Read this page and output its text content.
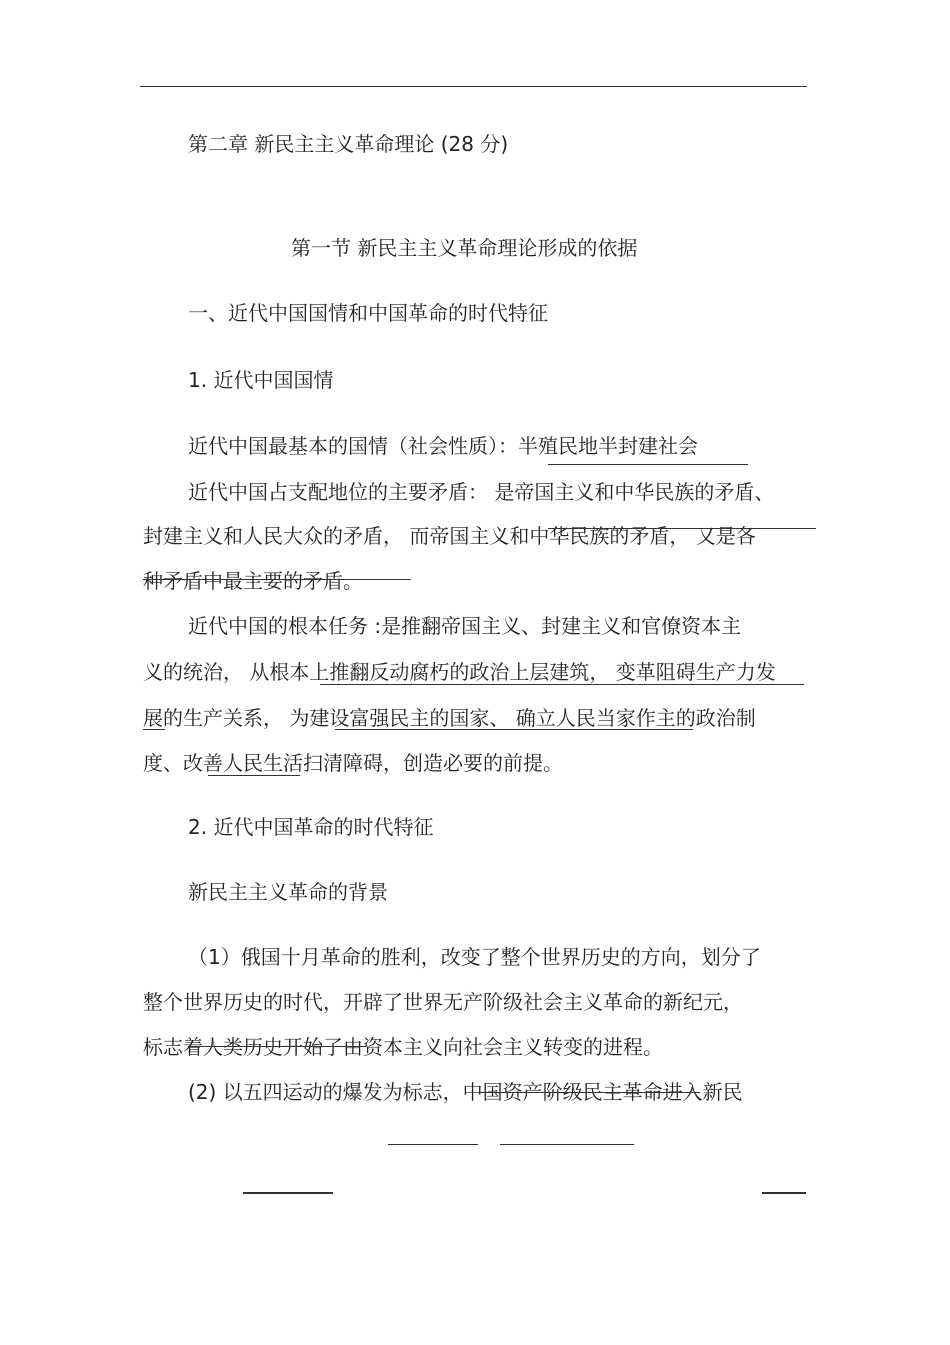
第二章 新民主主义革命理论 (28 分)

第一节 新民主主义革命理论形成的依据

一、近代中国国情和中国革命的时代特征

1. 近代中国国情

近代中国最基本的国情（社会性质）：半殖民地半封建社会

近代中国占支配地位的主要矛盾： 是帝国主义和中华民族的矛盾、

封建主义和人民大众的矛盾， 而帝国主义和中华民族的矛盾， 又是各

种矛盾中最主要的矛盾。

近代中国的根本任务 :是推翻帝国主义、封建主义和官僚资本主

义的统治， 从根本上推翻反动腐朽的政治上层建筑， 变革阻碍生产力发

展的生产关系， 为建设富强民主的国家、 确立人民当家作主的政治制

度、改善人民生活扫清障碍，创造必要的前提。

2. 近代中国革命的时代特征

新民主主义革命的背景

（1）俄国十月革命的胜利，改变了整个世界历史的方向，划分了

整个世界历史的时代，开辟了世界无产阶级社会主义革命的新纪元，

标志着人类历史开始了由资本主义向社会主义转变的进程。

(2) 以五四运动的爆发为标志，中国资产阶级民主革命进入新民
